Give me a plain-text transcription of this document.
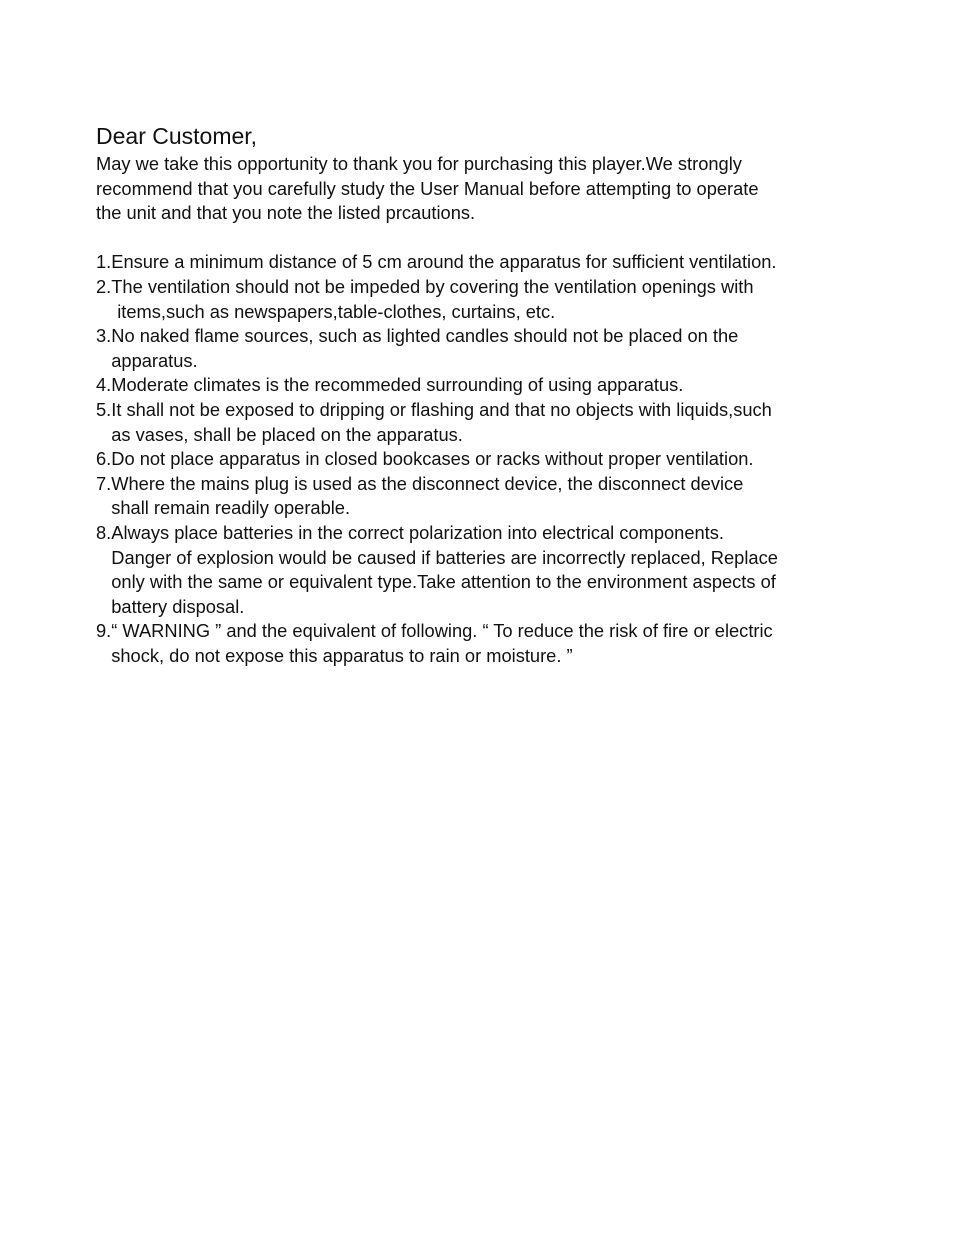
Dear Customer,

May we take this opportunity to thank you for purchasing this player.We strongly
recommend that you carefully study the User Manual before attempting to operate
the unit and that you note the listed prcautions.

1. Ensure a minimum distance of 5 cm around the apparatus for sufficient ventilation.
2. The ventilation should not be impeded by covering the ventilation openings with
items,such as newspapers,table-clothes, curtains, etc.
3. No naked flame sources, such as lighted candles should not be placed on the
apparatus.
4. Moderate climates is the recommeded surrounding of using apparatus.
5. It shall not be exposed to dripping or flashing and that no objects with liquids,such
as vases, shall be placed on the apparatus.
6. Do not place apparatus in closed bookcases or racks without proper ventilation.
7. Where the mains plug is used as the disconnect device, the disconnect device
shall remain readily operable.
8. Always place batteries in the correct polarization into electrical components.
Danger of explosion would be caused if batteries are incorrectly replaced, Replace
only with the same or equivalent type.Take attention to the environment aspects of
battery disposal.
9. “ WARNING ” and the equivalent of following. “ To reduce the risk of fire or electric
shock, do not expose this apparatus to rain or moisture. ”
